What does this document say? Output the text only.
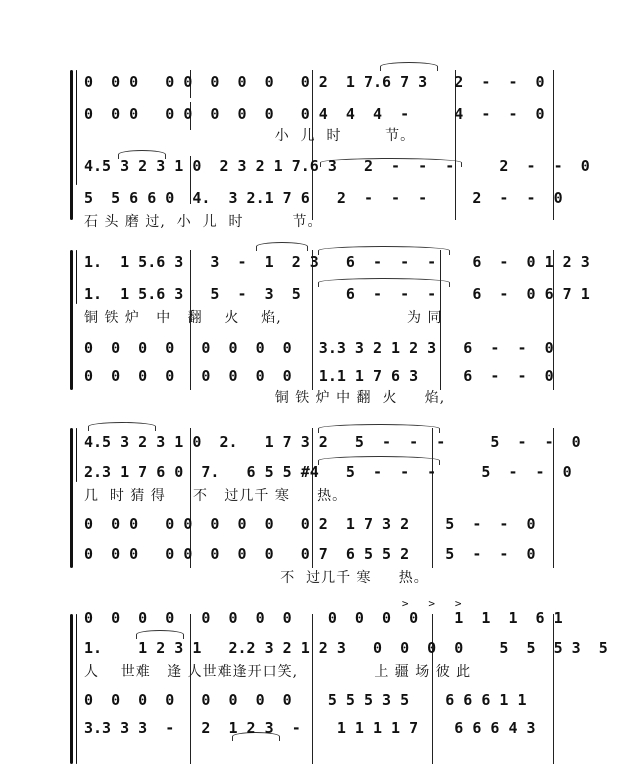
0  0 0   0 0  0  0  0   0 2  1 7.6 7 3   2  -  -  0
0  0 0   0 0  0  0  0   0 4  4  4  -     4  -  -  0
小  儿  时        节。
4.5 3 2 3 1 0  2 3 2 1 7.6 3   2  -  -  -     2  -  -  0
5  5 6 6 0  4.  3 2.1 7 6   2  -  -  -     2  -  -  0
石 头 磨 过,  小  儿  时         节。
1.  1 5.6 3   3  -  1  2 3   6  -  -  -    6  -  0 1 2 3
1.  1 5.6 3   5  -  3  5     6  -  -  -    6  -  0 6 7 1
铜 铁 炉   中   翻    火    焰,                       为 同
0  0  0  0   0  0  0  0   3.3 3 2 1 2 3   6  -  -  0
0  0  0  0   0  0  0  0   1.1 1 7 6 3     6  -  -  0
铜 铁 炉 中 翻  火     焰,
4.5 3 2 3 1 0  2.   1 7 3 2   5  -  -  -     5  -  -  0
2.3 1 7 6 0  7.   6 5 5 #4   5  -  -  -     5  -  -  0
几  时 猜 得     不   过几千 寒     热。
0  0 0   0 0  0  0  0   0 2  1 7 3 2    5  -  -  0
0  0 0   0 0  0  0  0   0 7  6 5 5 2    5  -  -  0
不  过几千 寒     热。
>   >   >
0  0  0  0   0  0  0  0    0  0  0  0    1  1  1  6 1
1.    1 2 3 1   2.2 3 2 1 2 3   0  0  0  0    5  5  5 3  5
人    世难   逢 人世难逢开口笑,              上 疆 场 彼 此
0  0  0  0   0  0  0  0    5 5 5 3 5    6 6 6 1 1
3.3 3 3  -   2  1 2 3  -    1 1 1 1 7    6 6 6 4 3
